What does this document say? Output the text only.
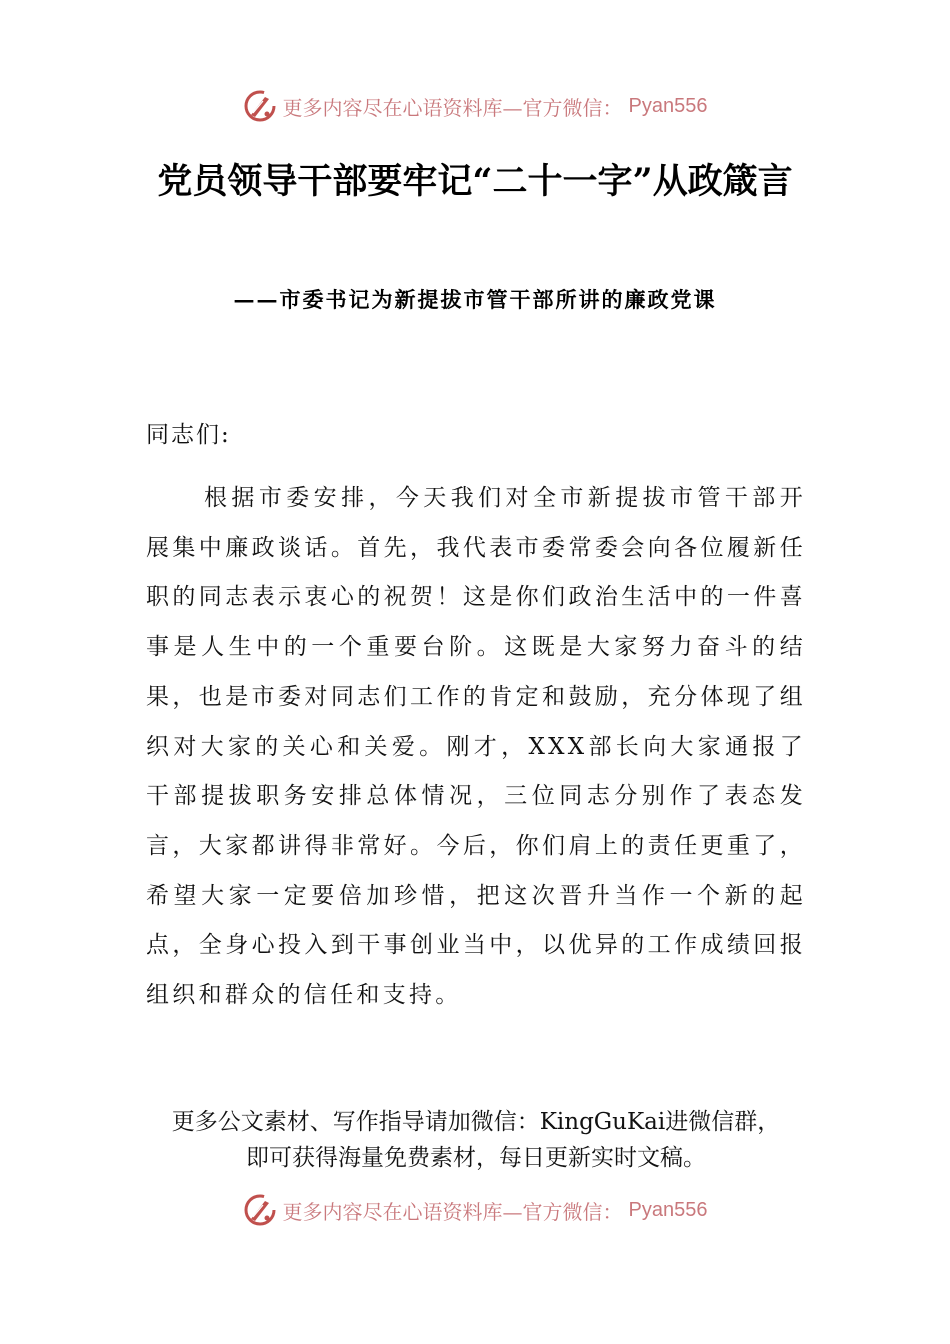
更多内容尽在心语资料库—官方微信： Pyan556
党员领导干部要牢记“二十一字”从政箴言
——市委书记为新提拔市管干部所讲的廉政党课
同志们:

根据市委安排，今天我们对全市新提拔市管干部开展集中廉政谈话。首先，我代表市委常委会向各位履新任职的同志表示衷心的祝贺！这是你们政治生活中的一件喜事是人生中的一个重要台阶。这既是大家努力奋斗的结果，也是市委对同志们工作的肯定和鼓励，充分体现了组织对大家的关心和关爱。刚才，XXX部长向大家通报了干部提拔职务安排总体情况，三位同志分别作了表态发言，大家都讲得非常好。今后，你们肩上的责任更重了，希望大家一定要倍加珍惜，把这次晋升当作一个新的起点，全身心投入到干事创业当中，以优异的工作成绩回报组织和群众的信任和支持。

更多公文素材、写作指导请加微信：KingGuKai进微信群，
即可获得海量免费素材，每日更新实时文稿。
更多内容尽在心语资料库—官方微信： Pyan556
